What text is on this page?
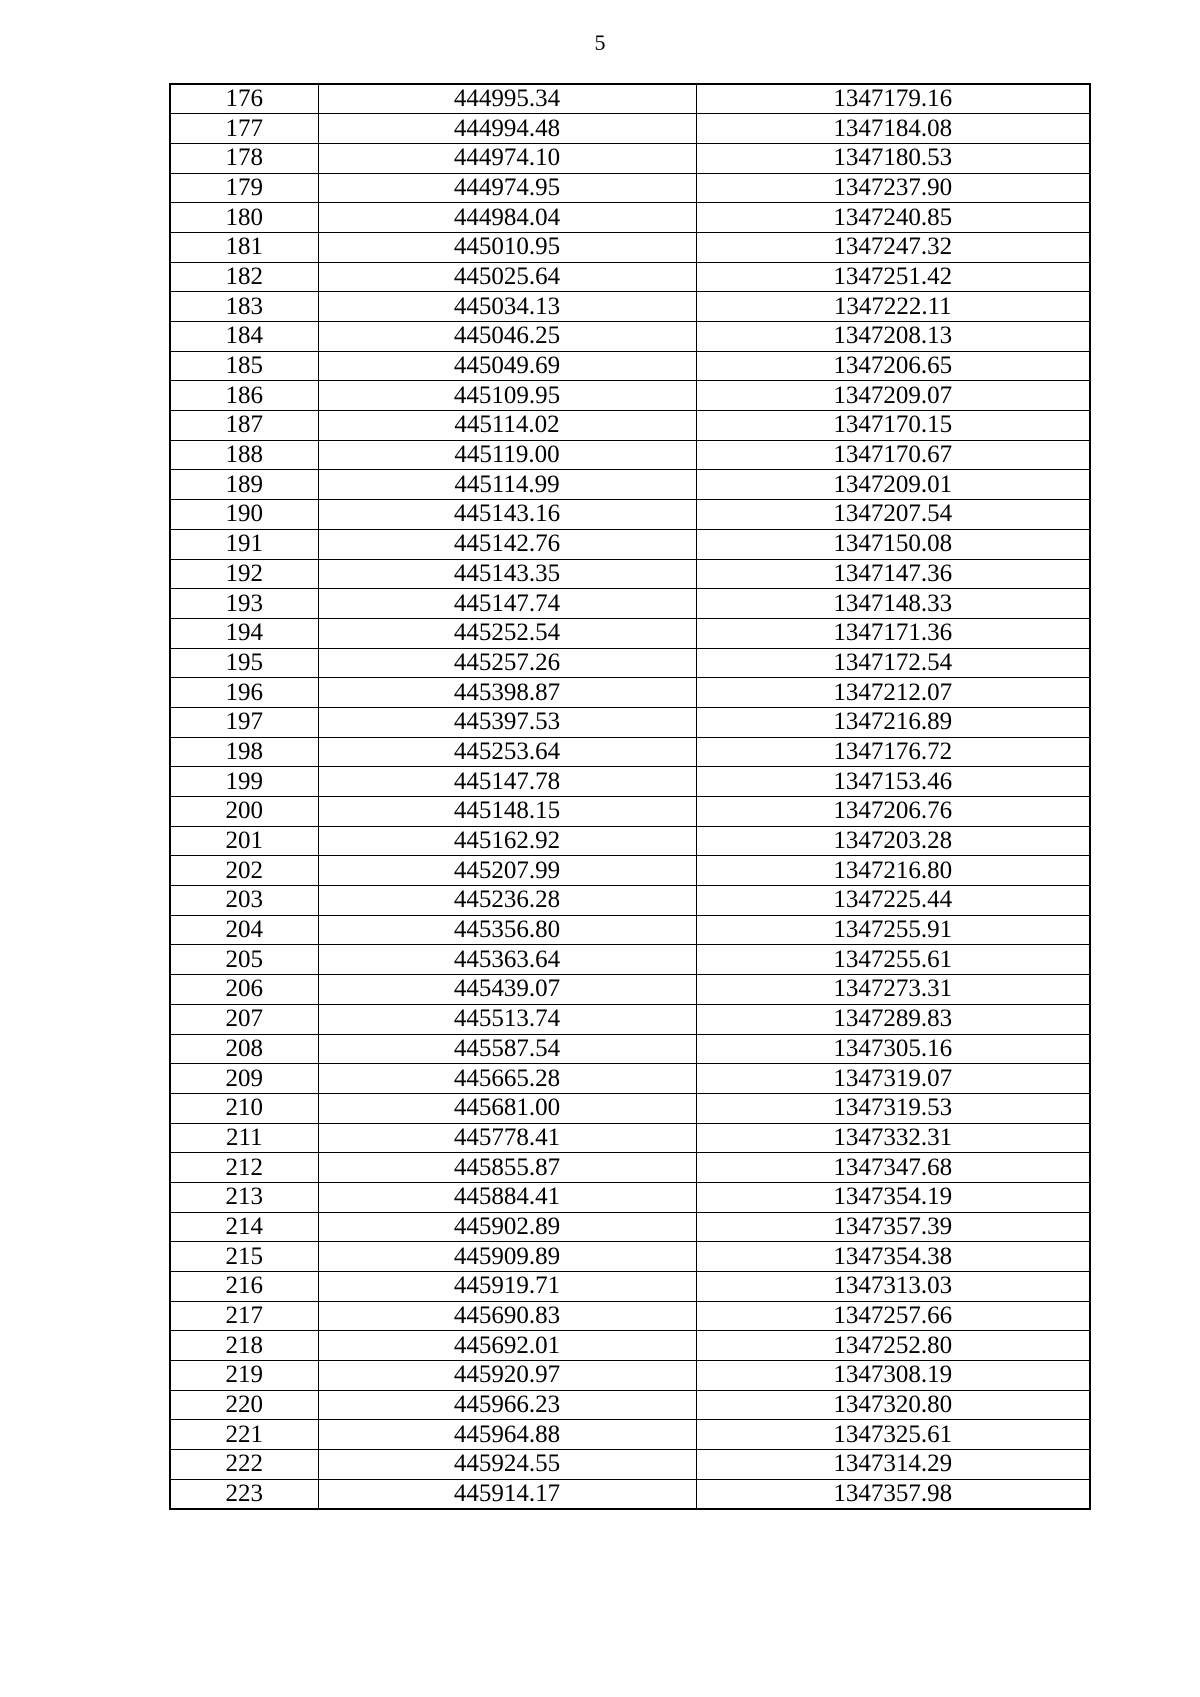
5
176	444995.34	1347179.16
177	444994.48	1347184.08
178	444974.10	1347180.53
179	444974.95	1347237.90
180	444984.04	1347240.85
181	445010.95	1347247.32
182	445025.64	1347251.42
183	445034.13	1347222.11
184	445046.25	1347208.13
185	445049.69	1347206.65
186	445109.95	1347209.07
187	445114.02	1347170.15
188	445119.00	1347170.67
189	445114.99	1347209.01
190	445143.16	1347207.54
191	445142.76	1347150.08
192	445143.35	1347147.36
193	445147.74	1347148.33
194	445252.54	1347171.36
195	445257.26	1347172.54
196	445398.87	1347212.07
197	445397.53	1347216.89
198	445253.64	1347176.72
199	445147.78	1347153.46
200	445148.15	1347206.76
201	445162.92	1347203.28
202	445207.99	1347216.80
203	445236.28	1347225.44
204	445356.80	1347255.91
205	445363.64	1347255.61
206	445439.07	1347273.31
207	445513.74	1347289.83
208	445587.54	1347305.16
209	445665.28	1347319.07
210	445681.00	1347319.53
211	445778.41	1347332.31
212	445855.87	1347347.68
213	445884.41	1347354.19
214	445902.89	1347357.39
215	445909.89	1347354.38
216	445919.71	1347313.03
217	445690.83	1347257.66
218	445692.01	1347252.80
219	445920.97	1347308.19
220	445966.23	1347320.80
221	445964.88	1347325.61
222	445924.55	1347314.29
223	445914.17	1347357.98
